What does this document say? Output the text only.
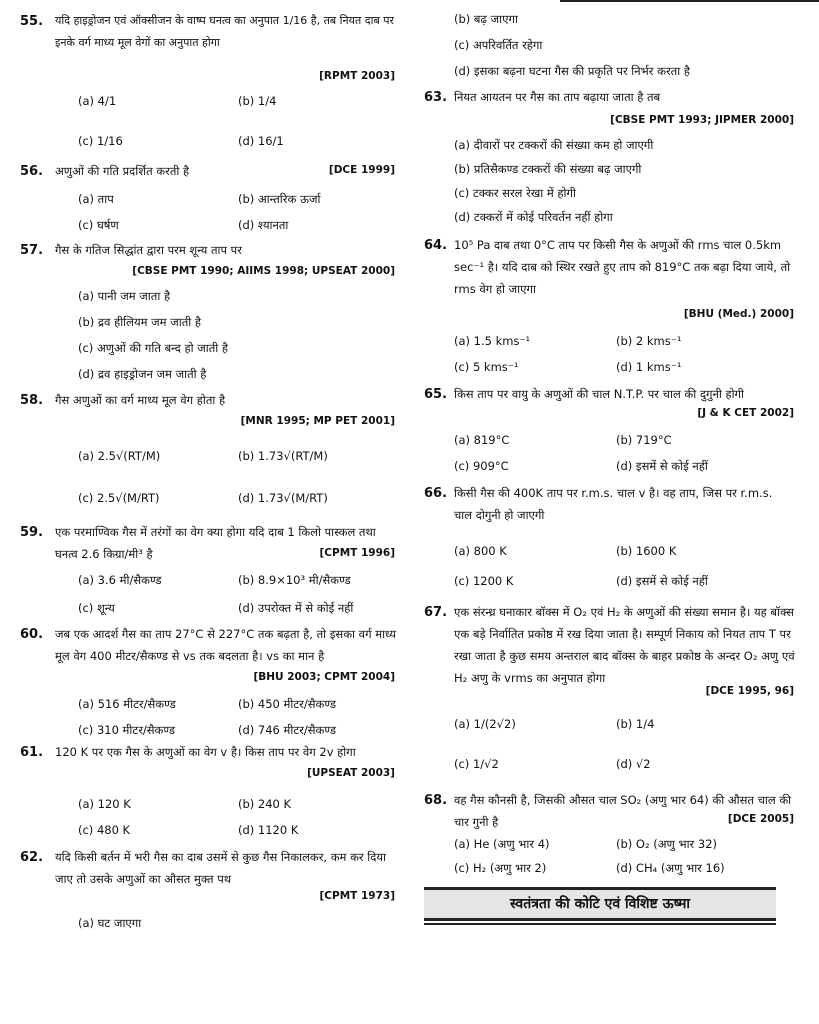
55. यदि हाइड्रोजन एवं ऑक्सीजन के वाष्प घनत्व का अनुपात 1/16 है, तब नियत दाब पर इनके वर्ग माध्य मूल वेगों का अनुपात होगा
[RPMT 2003]
(a) 4/1	(b) 1/4
(c) 1/16	(d) 16/1
56. अणुओं की गति प्रदर्शित करती है	[DCE 1999]
(a) ताप	(b) आन्तरिक ऊर्जा
(c) घर्षण	(d) श्यानता
57. गैस के गतिज सिद्धांत द्वारा परम शून्य ताप पर
[CBSE PMT 1990; AIIMS 1998; UPSEAT 2000]
(a) पानी जम जाता है
(b) द्रव हीलियम जम जाती है
(c) अणुओं की गति बन्द हो जाती है
(d) द्रव हाइड्रोजन जम जाती है
58. गैस अणुओं का वर्ग माध्य मूल वेग होता है
[MNR 1995; MP PET 2001]
(a) 2.5√(RT/M)	(b) 1.73√(RT/M)
(c) 2.5√(M/RT)	(d) 1.73√(M/RT)
59. एक परमाण्विक गैस में तरंगों का वेग क्या होगा यदि दाब 1 किलो पास्कल तथा घनत्व 2.6 किग्रा/मी³ है	[CPMT 1996]
(a) 3.6 मी/सैकण्ड	(b) 8.9×10³ मी/सैकण्ड
(c) शून्य	(d) उपरोक्त में से कोई नहीं
60. जब एक आदर्श गैस का ताप 27°C से 227°C तक बढ़ता है, तो इसका वर्ग माध्य मूल वेग 400 मीटर/सैकण्ड से vs तक बदलता है। vs का मान है
[BHU 2003; CPMT 2004]
(a) 516 मीटर/सैकण्ड	(b) 450 मीटर/सैकण्ड
(c) 310 मीटर/सैकण्ड	(d) 746 मीटर/सैकण्ड
61. 120 K पर एक गैस के अणुओं का वेग v है। किस ताप पर वेग 2v होगा
[UPSEAT 2003]
(a) 120 K	(b) 240 K
(c) 480 K	(d) 1120 K
62. यदि किसी बर्तन में भरी गैस का दाब उसमें से कुछ गैस निकालकर, कम कर दिया जाए तो उसके अणुओं का औसत मुक्त पथ
[CPMT 1973]
(a) घट जाएगा
(b) बढ़ जाएगा
(c) अपरिवर्तित रहेगा
(d) इसका बढ़ना घटना गैस की प्रकृति पर निर्भर करता है
63. नियत आयतन पर गैस का ताप बढ़ाया जाता है तब
[CBSE PMT 1993; JIPMER 2000]
(a) दीवारों पर टक्करों की संख्या कम हो जाएगी
(b) प्रतिसैकण्ड टक्करों की संख्या बढ़ जाएगी
(c) टक्कर सरल रेखा में होगी
(d) टक्करों में कोई परिवर्तन नहीं होगा
64. 10⁵ Pa दाब तथा 0°C ताप पर किसी गैस के अणुओं की rms चाल 0.5km sec⁻¹ है। यदि दाब को स्थिर रखते हुए ताप को 819°C तक बढ़ा दिया जाये, तो rms वेग हो जाएगा
[BHU (Med.) 2000]
(a) 1.5 kms⁻¹	(b) 2 kms⁻¹
(c) 5 kms⁻¹	(d) 1 kms⁻¹
65. किस ताप पर वायु के अणुओं की चाल N.T.P. पर चाल की दुगुनी होगी
[J & K CET 2002]
(a) 819°C	(b) 719°C
(c) 909°C	(d) इसमें से कोई नहीं
66. किसी गैस की 400K ताप पर r.m.s. चाल v है। वह ताप, जिस पर r.m.s. चाल दोगुनी हो जाएगी
(a) 800 K	(b) 1600 K
(c) 1200 K	(d) इसमें से कोई नहीं
67. एक संरन्ध्र घनाकार बॉक्स में O₂ एवं H₂ के अणुओं की संख्या समान है। यह बॉक्स एक बड़े निर्वातित प्रकोष्ठ में रख दिया जाता है। सम्पूर्ण निकाय को नियत ताप T पर रखा जाता है कुछ समय अन्तराल बाद बॉक्स के बाहर प्रकोष्ठ के अन्दर O₂ अणु एवं H₂ अणु के vrms का अनुपात होगा
[DCE 1995, 96]
(a) 1/(2√2)	(b) 1/4
(c) 1/√2	(d) √2
68. वह गैस कौनसी है, जिसकी औसत चाल SO₂ (अणु भार 64) की औसत चाल की चार गुनी है	[DCE 2005]
(a) He (अणु भार 4)	(b) O₂ (अणु भार 32)
(c) H₂ (अणु भार 2)	(d) CH₄ (अणु भार 16)
स्वतंत्रता की कोटि एवं विशिष्ट ऊष्मा
